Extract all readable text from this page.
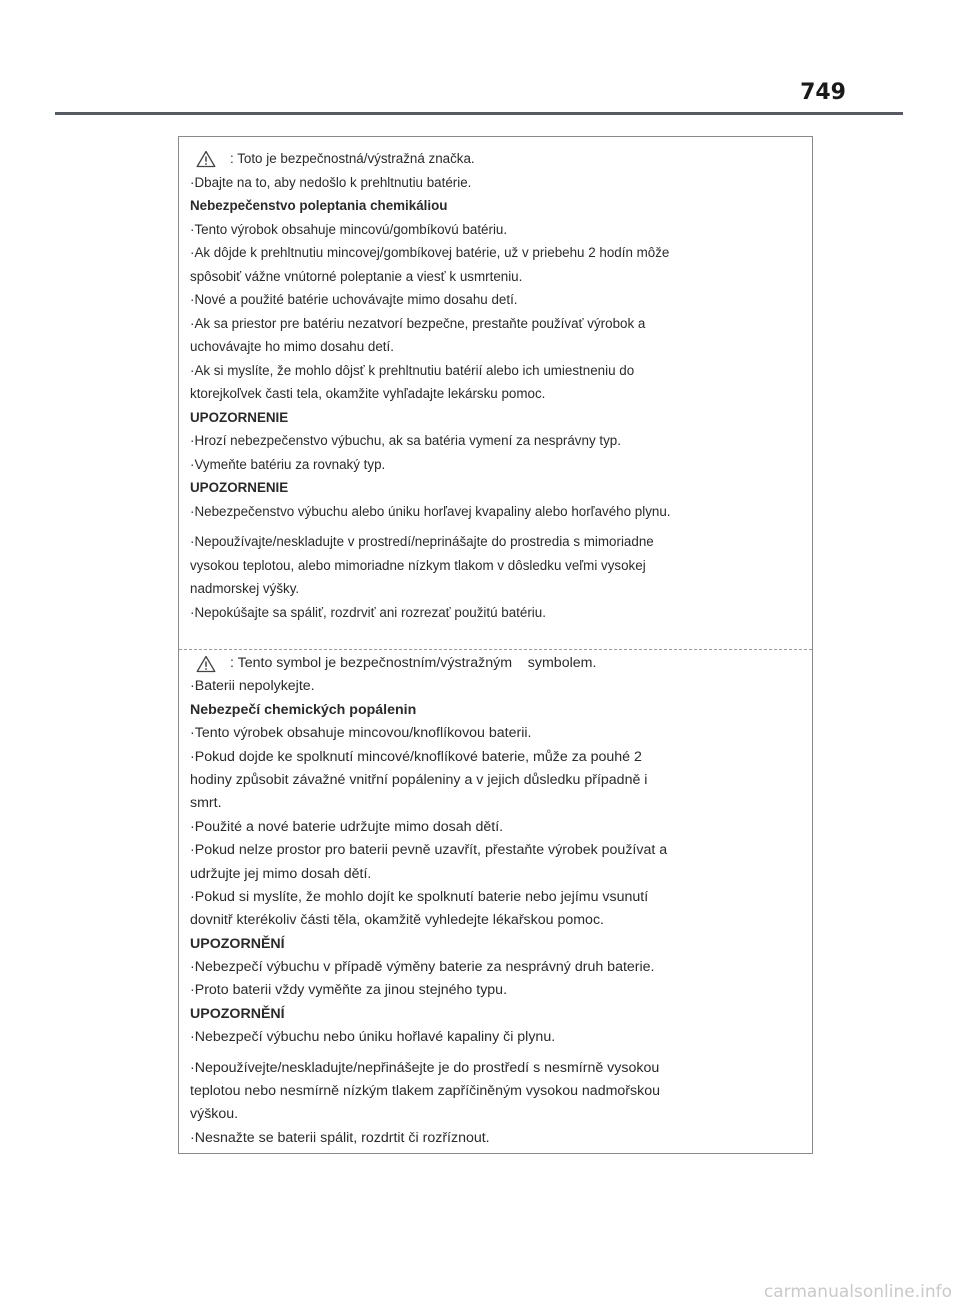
749
: Toto je bezpečnostná/výstražná značka.
·Dbajte na to, aby nedošlo k prehltnutiu batérie.
Nebezpečenstvo poleptania chemikáliou
·Tento výrobok obsahuje mincovú/gombíkovú batériu.
·Ak dôjde k prehltnutiu mincovej/gombíkovej batérie, už v priebehu 2 hodín môže
spôsobiť vážne vnútorné poleptanie a viesť k usmrteniu.
·Nové a použité batérie uchovávajte mimo dosahu detí.
·Ak sa priestor pre batériu nezatvorí bezpečne, prestaňte používať výrobok a
uchovávajte ho mimo dosahu detí.
·Ak si myslíte, že mohlo dôjsť k prehltnutiu batérií alebo ich umiestneniu do
ktorejkoľvek časti tela, okamžite vyhľadajte lekársku pomoc.
UPOZORNENIE
·Hrozí nebezpečenstvo výbuchu, ak sa batéria vymení za nesprávny typ.
·Vymeňte batériu za rovnaký typ.
UPOZORNENIE
·Nebezpečenstvo výbuchu alebo úniku horľavej kvapaliny alebo horľavého plynu.
·Nepoužívajte/neskladujte v prostredí/neprinášajte do prostredia s mimoriadne
vysokou teplotou, alebo mimoriadne nízkym tlakom v dôsledku veľmi vysokej
nadmorskej výšky.
·Nepokúšajte sa spáliť, rozdrviť ani rozrezať použitú batériu.
: Tento symbol je bezpečnostním/výstražným    symbolem.
·Baterii nepolykejte.
Nebezpečí chemických popálenin
·Tento výrobek obsahuje mincovou/knoflíkovou baterii.
·Pokud dojde ke spolknutí mincové/knoflíkové baterie, může za pouhé 2
hodiny způsobit závažné vnitřní popáleniny a v jejich důsledku případně i
smrt.
·Použité a nové baterie udržujte mimo dosah dětí.
·Pokud nelze prostor pro baterii pevně uzavřít, přestaňte výrobek používat a
udržujte jej mimo dosah dětí.
·Pokud si myslíte, že mohlo dojít ke spolknutí baterie nebo jejímu vsunutí
dovnitř kterékoliv části těla, okamžitě vyhledejte lékařskou pomoc.
UPOZORNĚNÍ
·Nebezpečí výbuchu v případě výměny baterie za nesprávný druh baterie.
·Proto baterii vždy vyměňte za jinou stejného typu.
UPOZORNĚNÍ
·Nebezpečí výbuchu nebo úniku hořlavé kapaliny či plynu.
·Nepoužívejte/neskladujte/nepřinášejte je do prostředí s nesmírně vysokou
teplotou nebo nesmírně nízkým tlakem zapříčiněným vysokou nadmořskou
výškou.
·Nesnažte se baterii spálit, rozdrtit či rozříznout.
carmanualsonline.info
